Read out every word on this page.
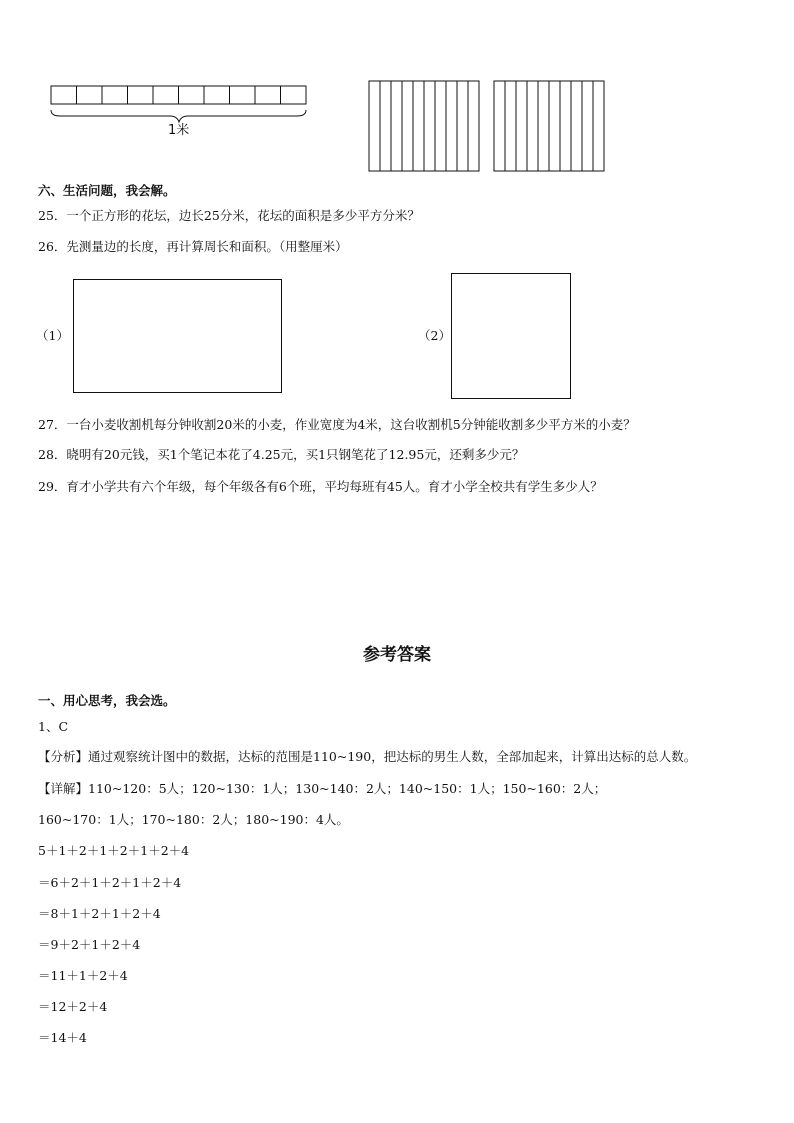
1米
六、生活问题，我会解。
25．一个正方形的花坛，边长25分米，花坛的面积是多少平方分米？
26．先测量边的长度，再计算周长和面积。（用整厘米）
（1）	（2）
27．一台小麦收割机每分钟收割20米的小麦，作业宽度为4米，这台收割机5分钟能收割多少平方米的小麦？
28．晓明有20元钱，买1个笔记本花了4.25元，买1只钢笔花了12.95元，还剩多少元？
29．育才小学共有六个年级，每个年级各有6个班，平均每班有45人。育才小学全校共有学生多少人？
参考答案
一、用心思考，我会选。
1、C
【分析】通过观察统计图中的数据，达标的范围是110~190，把达标的男生人数，全部加起来，计算出达标的总人数。
【详解】110~120：5人；120~130：1人；130~140：2人；140~150：1人；150~160：2人；
160~170：1人；170~180：2人；180~190：4人。
5＋1＋2＋1＋2＋1＋2＋4
＝6＋2＋1＋2＋1＋2＋4
＝8＋1＋2＋1＋2＋4
＝9＋2＋1＋2＋4
＝11＋1＋2＋4
＝12＋2＋4
＝14＋4
